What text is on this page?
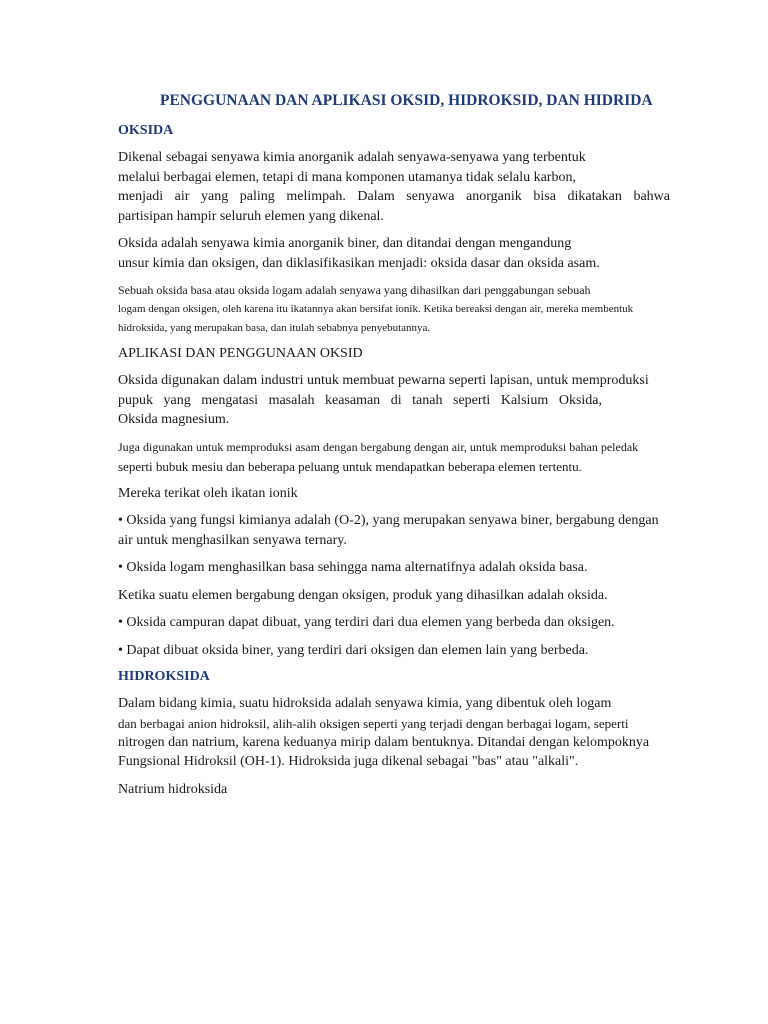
PENGGUNAAN DAN APLIKASI OKSID, HIDROKSID, DAN HIDRIDA
OKSIDA
Dikenal sebagai senyawa kimia anorganik adalah senyawa-senyawa yang terbentuk
melalui berbagai elemen, tetapi di mana komponen utamanya tidak selalu karbon,
menjadi air yang paling melimpah. Dalam senyawa anorganik bisa dikatakan bahwa
partisipan hampir seluruh elemen yang dikenal.
Oksida adalah senyawa kimia anorganik biner, dan ditandai dengan mengandung
unsur kimia dan oksigen, dan diklasifikasikan menjadi: oksida dasar dan oksida asam.
Sebuah oksida basa atau oksida logam adalah senyawa yang dihasilkan dari penggabungan sebuah
logam dengan oksigen, oleh karena itu ikatannya akan bersifat ionik. Ketika bereaksi dengan air, mereka membentuk
hidroksida, yang merupakan basa, dan itulah sebabnya penyebutannya.
APLIKASI DAN PENGGUNAAN OKSID
Oksida digunakan dalam industri untuk membuat pewarna seperti lapisan, untuk memproduksi
pupuk yang mengatasi masalah keasaman di tanah seperti Kalsium Oksida,
Oksida magnesium.
Juga digunakan untuk memproduksi asam dengan bergabung dengan air, untuk memproduksi bahan peledak
seperti bubuk mesiu dan beberapa peluang untuk mendapatkan beberapa elemen tertentu.
Mereka terikat oleh ikatan ionik
• Oksida yang fungsi kimianya adalah (O-2), yang merupakan senyawa biner, bergabung dengan
air untuk menghasilkan senyawa ternary.
• Oksida logam menghasilkan basa sehingga nama alternatifnya adalah oksida basa.
Ketika suatu elemen bergabung dengan oksigen, produk yang dihasilkan adalah oksida.
• Oksida campuran dapat dibuat, yang terdiri dari dua elemen yang berbeda dan oksigen.
• Dapat dibuat oksida biner, yang terdiri dari oksigen dan elemen lain yang berbeda.
HIDROKSIDA
Dalam bidang kimia, suatu hidroksida adalah senyawa kimia, yang dibentuk oleh logam
dan berbagai anion hidroksil, alih-alih oksigen seperti yang terjadi dengan berbagai logam, seperti
nitrogen dan natrium, karena keduanya mirip dalam bentuknya. Ditandai dengan kelompoknya
Fungsional Hidroksil (OH-1). Hidroksida juga dikenal sebagai "bas" atau "alkali".
Natrium hidroksida
